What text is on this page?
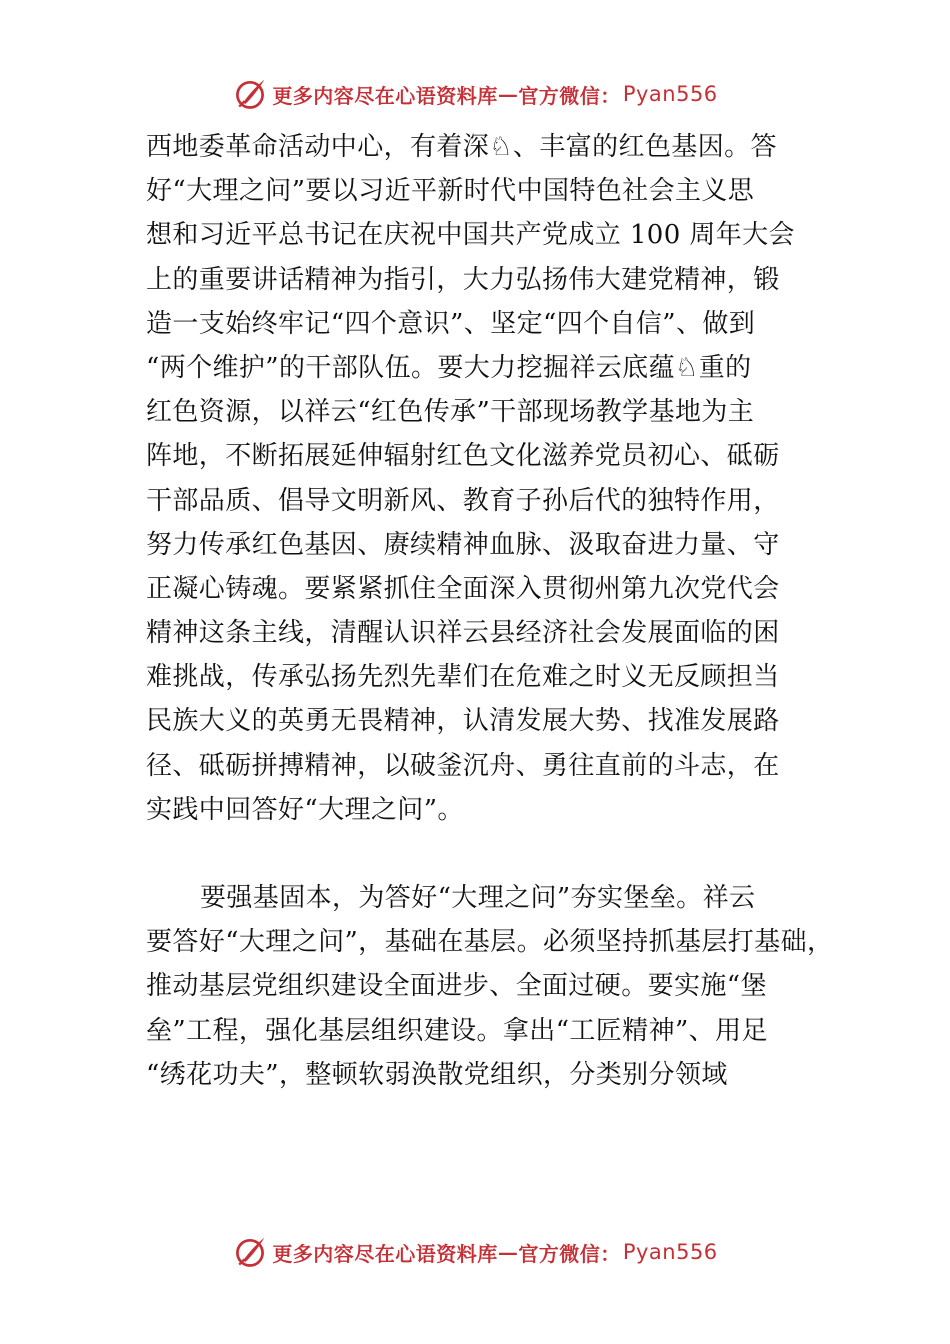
更多内容尽在心语资料库 — 官方微信： Pyan556
西地委革命活动中心，有着深♘、丰富的红色基因。答
好“大理之问”要以习近平新时代中国特色社会主义思
想和习近平总书记在庆祝中国共产党成立 100 周年大会
上的重要讲话精神为指引，大力弘扬伟大建党精神，锻
造一支始终牢记“四个意识”、坚定“四个自信”、做到
“两个维护”的干部队伍。要大力挖掘祥云底蕴♘重的
红色资源，以祥云“红色传承”干部现场教学基地为主
阵地，不断拓展延伸辐射红色文化滋养党员初心、砥砺
干部品质、倡导文明新风、教育子孙后代的独特作用，
努力传承红色基因、赓续精神血脉、汲取奋进力量、守
正凝心铸魂。要紧紧抓住全面深入贯彻州第九次党代会
精神这条主线，清醒认识祥云县经济社会发展面临的困
难挑战，传承弘扬先烈先辈们在危难之时义无反顾担当
民族大义的英勇无畏精神，认清发展大势、找准发展路
径、砥砺拼搏精神，以破釜沉舟、勇往直前的斗志，在
实践中回答好“大理之问”。
要强基固本，为答好“大理之问”夯实堡垒。祥云
要答好“大理之问”，基础在基层。必须坚持抓基层打基础，
推动基层党组织建设全面进步、全面过硬。要实施“堡
垒”工程，强化基层组织建设。拿出“工匠精神”、用足
“绣花功夫”，整顿软弱涣散党组织，分类别分领域
更多内容尽在心语资料库 — 官方微信： Pyan556
